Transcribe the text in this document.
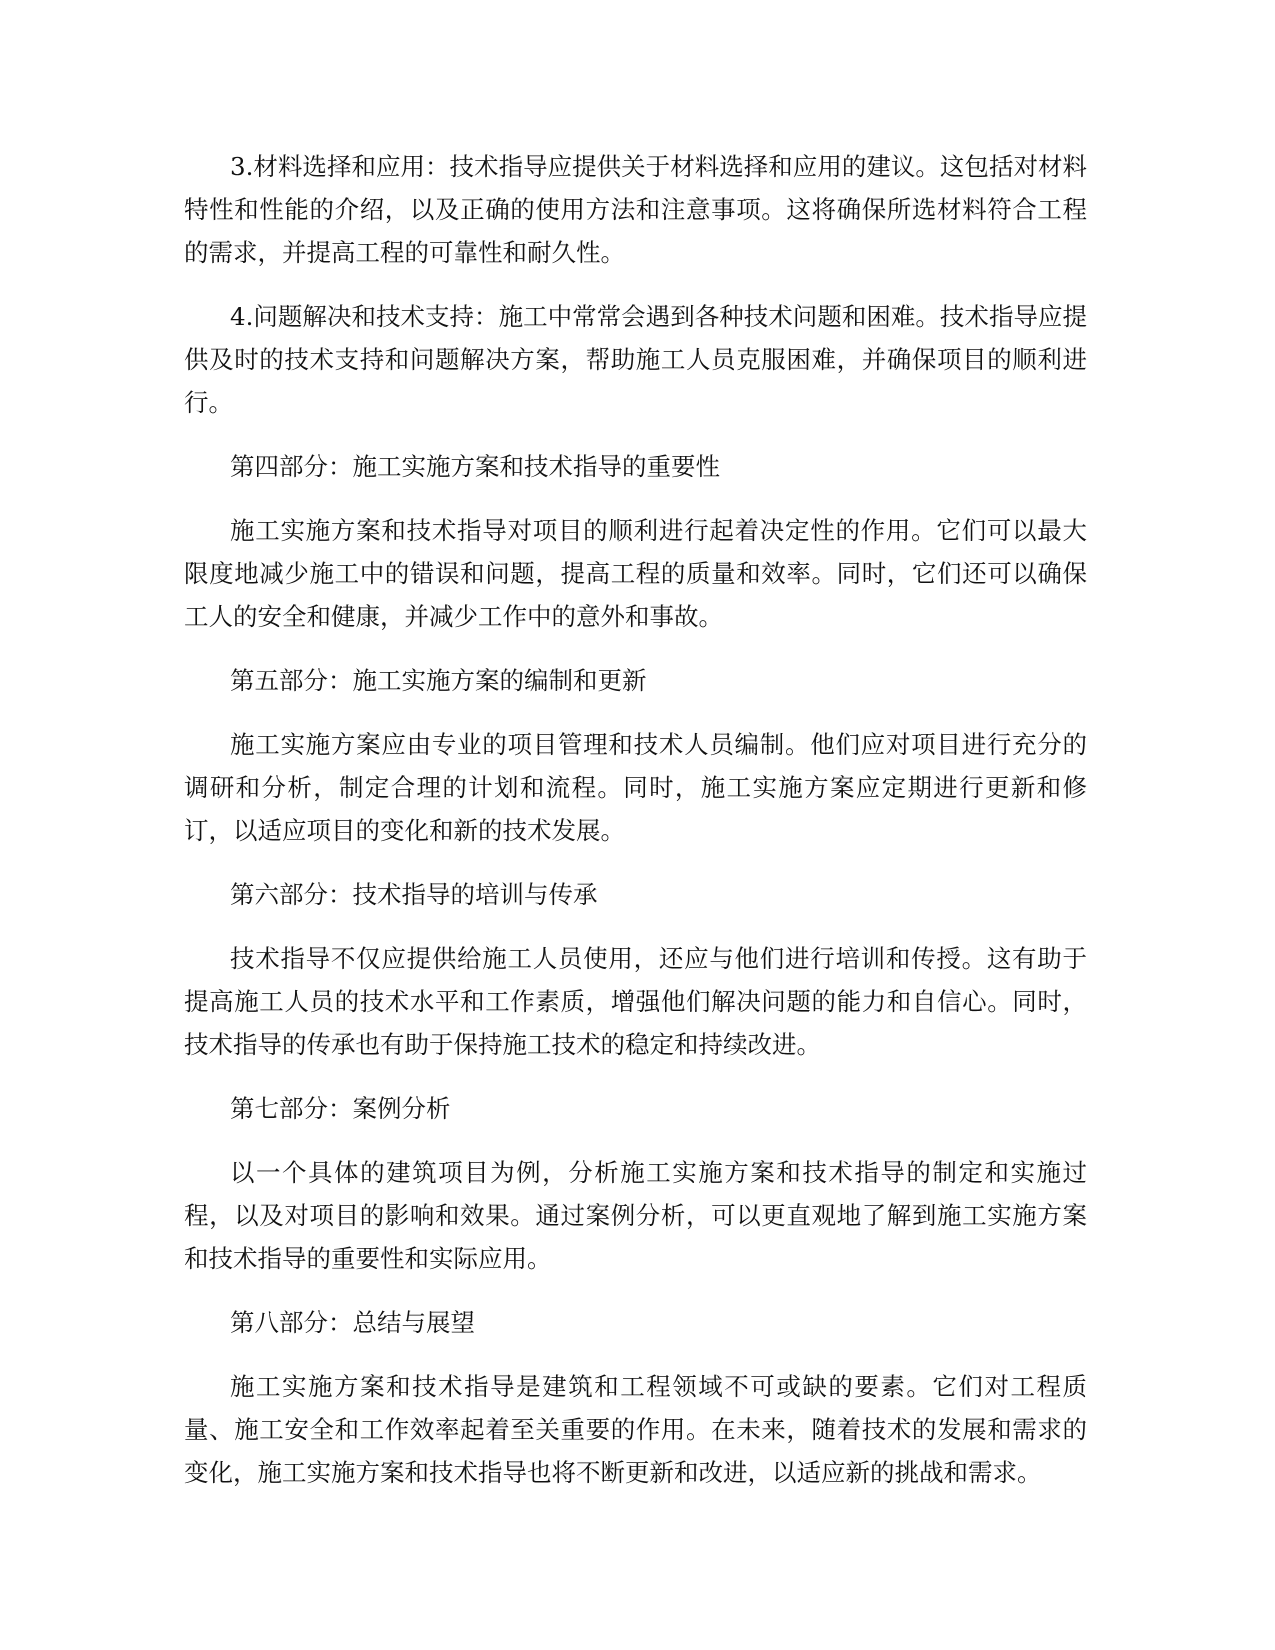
3.材料选择和应用：技术指导应提供关于材料选择和应用的建议。这包括对材料特性和性能的介绍，以及正确的使用方法和注意事项。这将确保所选材料符合工程的需求，并提高工程的可靠性和耐久性。

4.问题解决和技术支持：施工中常常会遇到各种技术问题和困难。技术指导应提供及时的技术支持和问题解决方案，帮助施工人员克服困难，并确保项目的顺利进行。

第四部分：施工实施方案和技术指导的重要性

施工实施方案和技术指导对项目的顺利进行起着决定性的作用。它们可以最大限度地减少施工中的错误和问题，提高工程的质量和效率。同时，它们还可以确保工人的安全和健康，并减少工作中的意外和事故。

第五部分：施工实施方案的编制和更新

施工实施方案应由专业的项目管理和技术人员编制。他们应对项目进行充分的调研和分析，制定合理的计划和流程。同时，施工实施方案应定期进行更新和修订，以适应项目的变化和新的技术发展。

第六部分：技术指导的培训与传承

技术指导不仅应提供给施工人员使用，还应与他们进行培训和传授。这有助于提高施工人员的技术水平和工作素质，增强他们解决问题的能力和自信心。同时，技术指导的传承也有助于保持施工技术的稳定和持续改进。

第七部分：案例分析

以一个具体的建筑项目为例，分析施工实施方案和技术指导的制定和实施过程，以及对项目的影响和效果。通过案例分析，可以更直观地了解到施工实施方案和技术指导的重要性和实际应用。

第八部分：总结与展望

施工实施方案和技术指导是建筑和工程领域不可或缺的要素。它们对工程质量、施工安全和工作效率起着至关重要的作用。在未来，随着技术的发展和需求的变化，施工实施方案和技术指导也将不断更新和改进，以适应新的挑战和需求。
